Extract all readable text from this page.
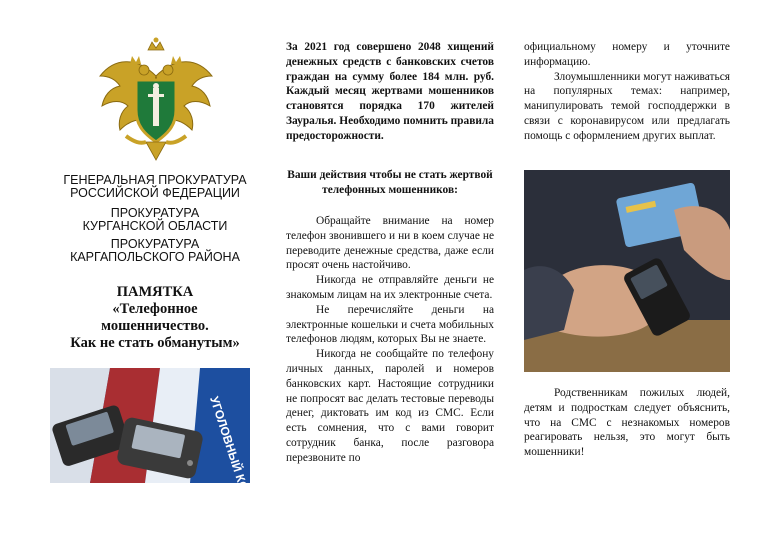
ГЕНЕРАЛЬНАЯ ПРОКУРАТУРА
РОССИЙСКОЙ ФЕДЕРАЦИИ
ПРОКУРАТУРА
КУРГАНСКОЙ ОБЛАСТИ
ПРОКУРАТУРА
КАРГАПОЛЬСКОГО РАЙОНА
ПАМЯТКА
«Телефонное
мошенничество.
Как не стать обманутым»
УГОЛОВНЫЙ КОДЕКС

За 2021 год совершено 2048 хищений денежных средств с банковских счетов граждан на сумму более 184 млн. руб. Каждый месяц жертвами мошенников становятся порядка 170 жителей Зауралья. Необходимо помнить правила предосторожности.

Ваши действия чтобы не стать жертвой телефонных мошенников:

Обращайте внимание на номер телефон звонившего и ни в коем случае не переводите денежные средства, даже если просят очень настойчиво.

Никогда не отправляйте деньги не знакомым лицам на их электронные счета.

Не перечисляйте деньги на электронные кошельки и счета мобильных телефонов людям, которых Вы не знаете.

Никогда не сообщайте по телефону личных данных, паролей и номеров банковских карт. Настоящие сотрудники не попросят вас делать тестовые переводы денег, диктовать им код из СМС. Если есть сомнения, что с вами говорит сотрудник банка, после разговора перезвоните по

официальному номеру и уточните информацию.

Злоумышленники могут наживаться на популярных темах: например, манипулировать темой господдержки в связи с коронавирусом или предлагать помощь с оформлением других выплат.

Родственникам пожилых людей, детям и подросткам следует объяснить, что на СМС с незнакомых номеров реагировать нельзя, это могут быть мошенники!
